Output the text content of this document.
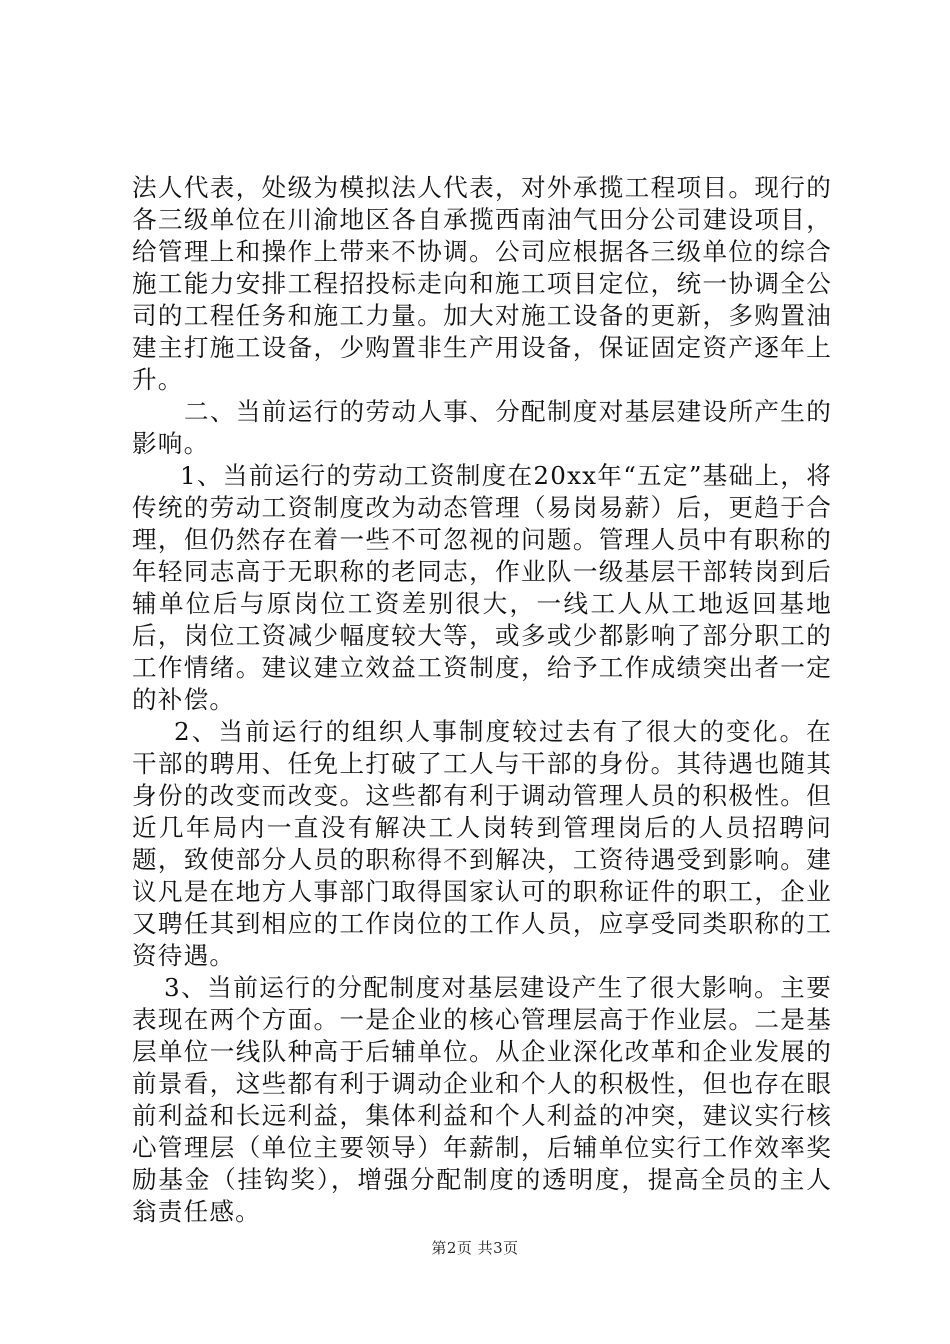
法人代表，处级为模拟法人代表，对外承揽工程项目。现行的各三级单位在川渝地区各自承揽西南油气田分公司建设项目，给管理上和操作上带来不协调。公司应根据各三级单位的综合施工能力安排工程招投标走向和施工项目定位，统一协调全公司的工程任务和施工力量。加大对施工设备的更新，多购置油建主打施工设备，少购置非生产用设备，保证固定资产逐年上升。

二、当前运行的劳动人事、分配制度对基层建设所产生的影响。

1、当前运行的劳动工资制度在20xx年“五定”基础上，将传统的劳动工资制度改为动态管理（易岗易薪）后，更趋于合理，但仍然存在着一些不可忽视的问题。管理人员中有职称的年轻同志高于无职称的老同志，作业队一级基层干部转岗到后辅单位后与原岗位工资差别很大，一线工人从工地返回基地后，岗位工资减少幅度较大等，或多或少都影响了部分职工的工作情绪。建议建立效益工资制度，给予工作成绩突出者一定的补偿。

2、当前运行的组织人事制度较过去有了很大的变化。在干部的聘用、任免上打破了工人与干部的身份。其待遇也随其身份的改变而改变。这些都有利于调动管理人员的积极性。但近几年局内一直没有解决工人岗转到管理岗后的人员招聘问题，致使部分人员的职称得不到解决，工资待遇受到影响。建议凡是在地方人事部门取得国家认可的职称证件的职工，企业又聘任其到相应的工作岗位的工作人员，应享受同类职称的工资待遇。

3、当前运行的分配制度对基层建设产生了很大影响。主要表现在两个方面。一是企业的核心管理层高于作业层。二是基层单位一线队种高于后辅单位。从企业深化改革和企业发展的前景看，这些都有利于调动企业和个人的积极性，但也存在眼前利益和长远利益，集体利益和个人利益的冲突，建议实行核心管理层（单位主要领导）年薪制，后辅单位实行工作效率奖励基金（挂钩奖），增强分配制度的透明度，提高全员的主人翁责任感。

第2页 共3页
